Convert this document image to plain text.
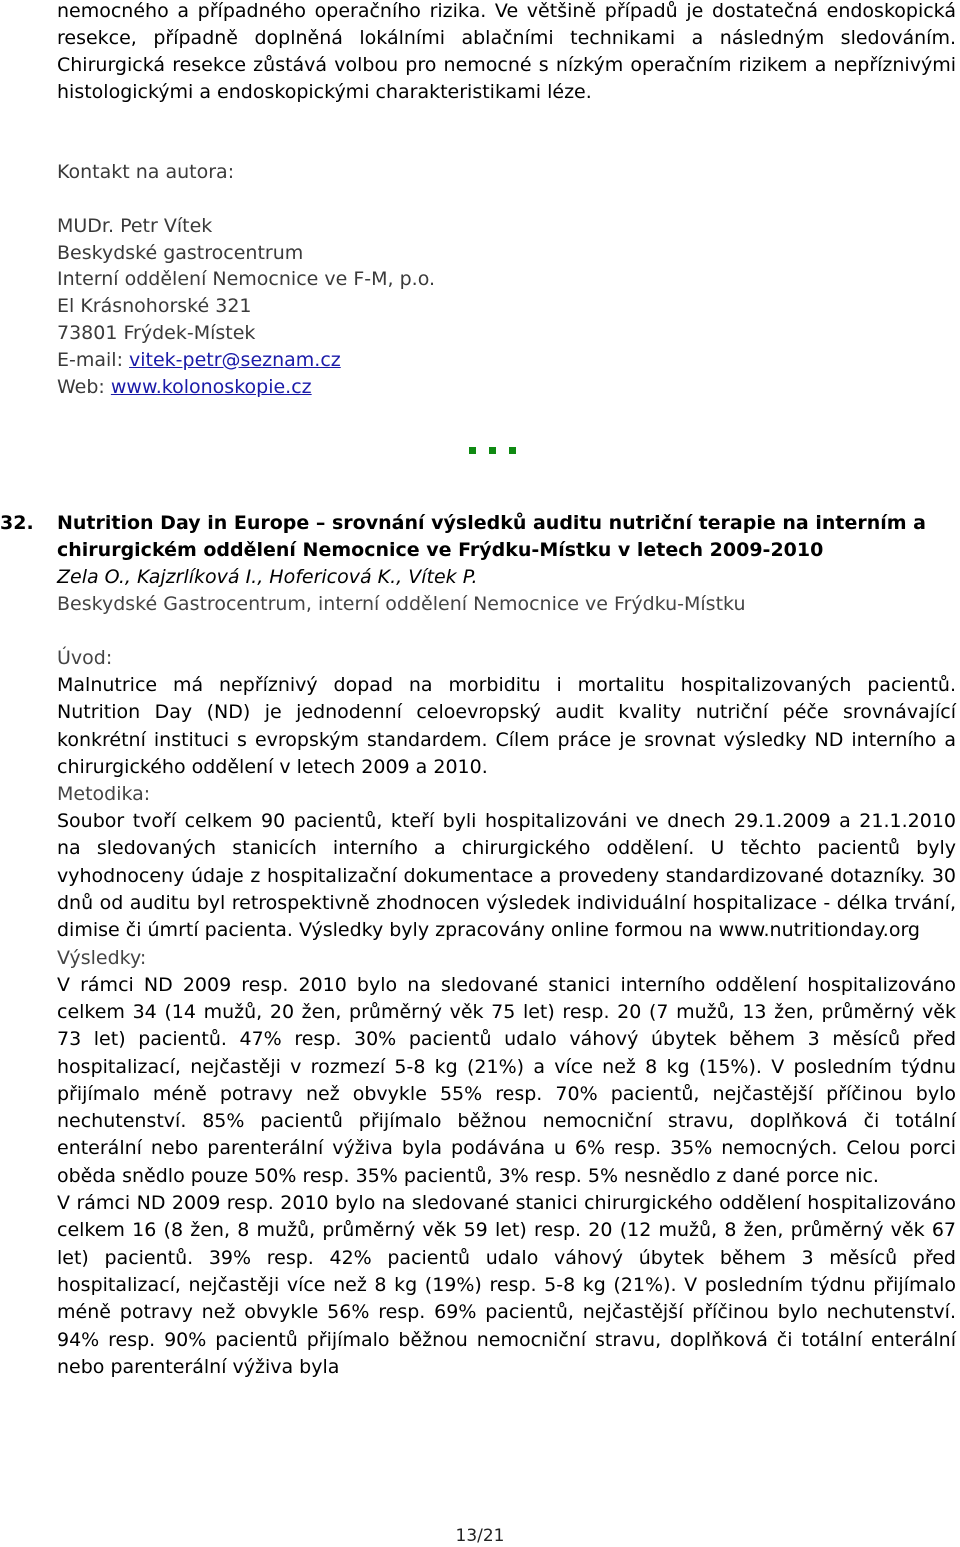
nemocného a případného operačního rizika. Ve většině případů je dostatečná endoskopická resekce, případně doplněná lokálními ablačními technikami a následným sledováním. Chirurgická resekce zůstává volbou pro nemocné s nízkým operačním rizikem a nepříznivými histologickými a endoskopickými charakteristikami léze.

Kontakt na autora:

MUDr. Petr Vítek

Beskydské gastrocentrum

Interní oddělení Nemocnice ve F-M, p.o.

El Krásnohorské 321

73801 Frýdek-Místek

E-mail: vitek-petr@seznam.cz

Web: www.kolonoskopie.cz

32. Nutrition Day in Europe – srovnání výsledků auditu nutriční terapie na interním a chirurgickém oddělení Nemocnice ve Frýdku-Místku v letech 2009-2010

Zela O., Kajzrlíková I., Hofericová K., Vítek P.

Beskydské Gastrocentrum, interní oddělení Nemocnice ve Frýdku-Místku

Úvod:

Malnutrice má nepříznivý dopad na morbiditu i mortalitu hospitalizovaných pacientů. Nutrition Day (ND) je jednodenní celoevropský audit kvality nutriční péče srovnávající konkrétní instituci s evropským standardem. Cílem práce je srovnat výsledky ND interního a chirurgického oddělení v letech 2009 a 2010.

Metodika:

Soubor tvoří celkem 90 pacientů, kteří byli hospitalizováni ve dnech 29.1.2009 a 21.1.2010 na sledovaných stanicích interního a chirurgického oddělení. U těchto pacientů byly vyhodnoceny údaje z hospitalizační dokumentace a provedeny standardizované dotazníky. 30 dnů od auditu byl retrospektivně zhodnocen výsledek individuální hospitalizace - délka trvání, dimise či úmrtí pacienta. Výsledky byly zpracovány online formou na www.nutritionday.org

Výsledky:

V rámci ND 2009 resp. 2010 bylo na sledované stanici interního oddělení hospitalizováno celkem 34 (14 mužů, 20 žen, průměrný věk 75 let) resp. 20 (7 mužů, 13 žen, průměrný věk 73 let) pacientů. 47% resp. 30% pacientů udalo váhový úbytek během 3 měsíců před hospitalizací, nejčastěji v rozmezí 5-8 kg (21%) a více než 8 kg (15%). V posledním týdnu přijímalo méně potravy než obvykle 55% resp. 70% pacientů, nejčastější příčinou bylo nechutenství. 85% pacientů přijímalo běžnou nemocniční stravu, doplňková či totální enterální nebo parenterální výživa byla podávána u 6% resp. 35% nemocných. Celou porci oběda snědlo pouze 50% resp. 35% pacientů, 3% resp. 5% nesnědlo z dané porce nic.

V rámci ND 2009 resp. 2010 bylo na sledované stanici chirurgického oddělení hospitalizováno celkem 16 (8 žen, 8 mužů, průměrný věk 59 let) resp. 20 (12 mužů, 8 žen, průměrný věk 67 let) pacientů. 39% resp. 42% pacientů udalo váhový úbytek během 3 měsíců před hospitalizací, nejčastěji více než 8 kg (19%) resp. 5-8 kg (21%). V posledním týdnu přijímalo méně potravy než obvykle 56% resp. 69% pacientů, nejčastější příčinou bylo nechutenství. 94% resp. 90% pacientů přijímalo běžnou nemocniční stravu, doplňková či totální enterální nebo parenterální výživa byla

13/21
